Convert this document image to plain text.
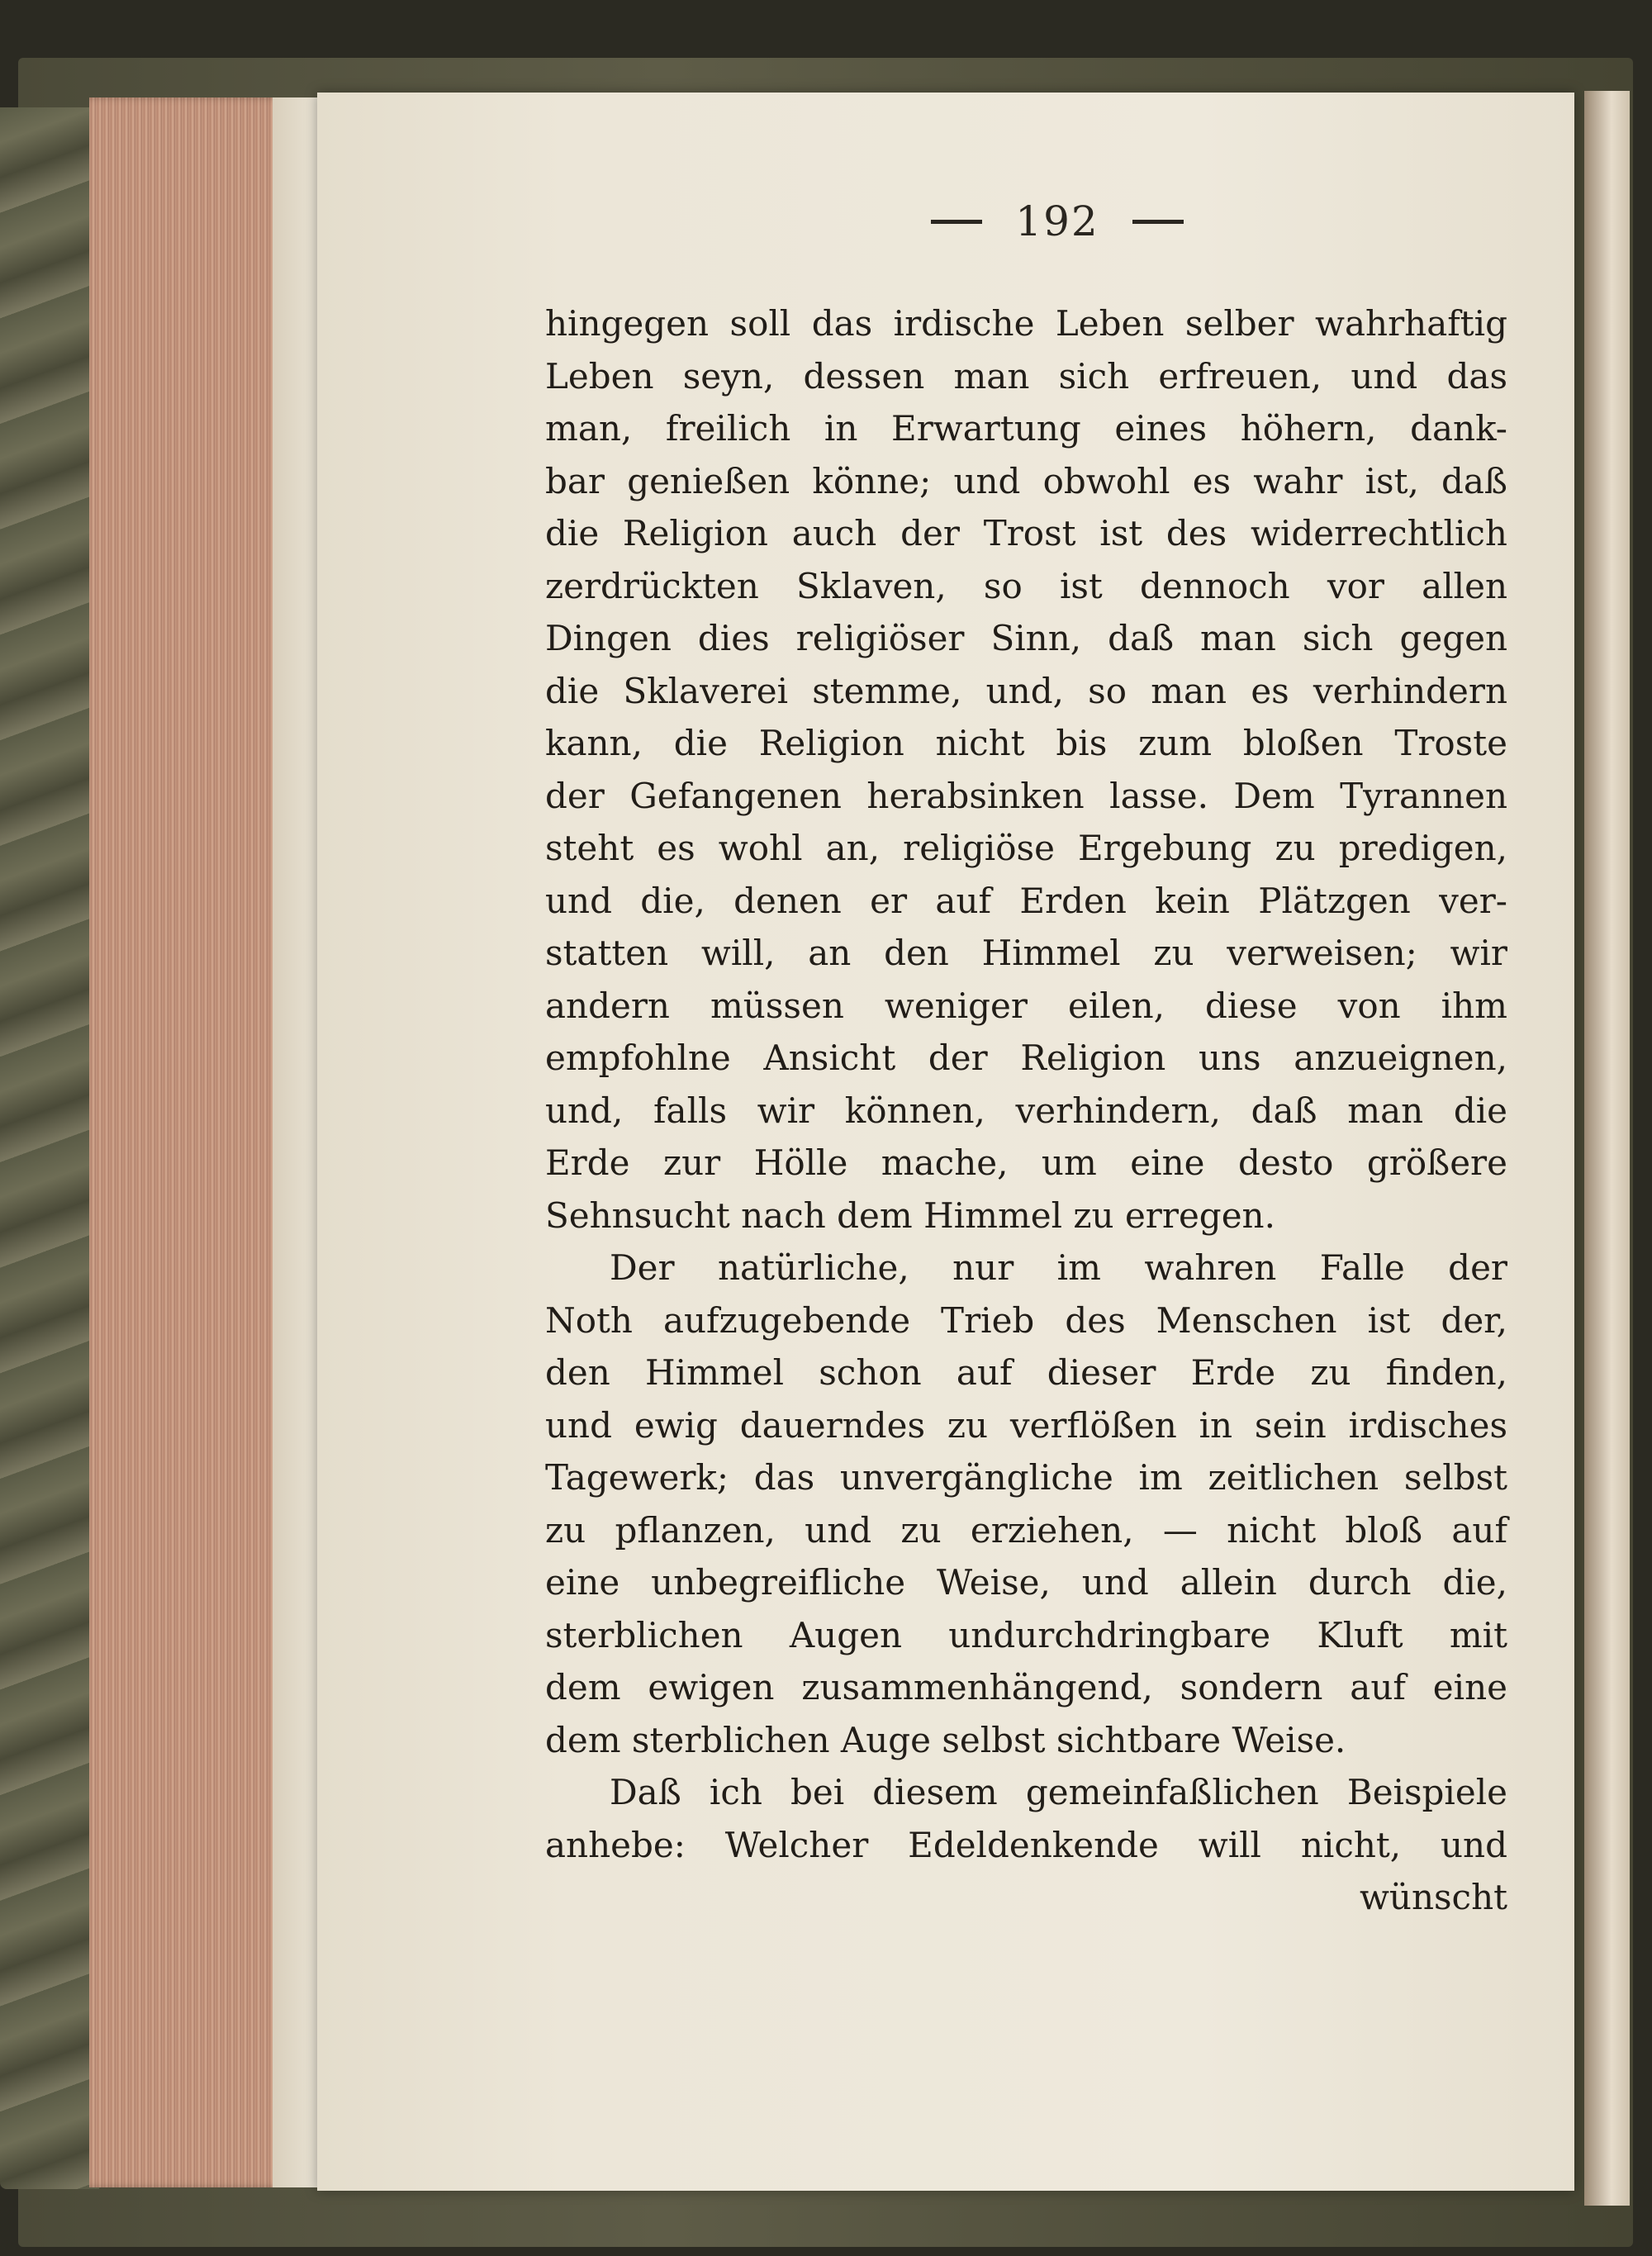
192
hingegen soll das irdische Leben selber wahrhaftig
Leben seyn, dessen man sich erfreuen, und das
man, freilich in Erwartung eines höhern, dank-
bar genießen könne; und obwohl es wahr ist, daß
die Religion auch der Trost ist des widerrechtlich
zerdrückten Sklaven, so ist dennoch vor allen
Dingen dies religiöser Sinn, daß man sich gegen
die Sklaverei stemme, und, so man es verhindern
kann, die Religion nicht bis zum bloßen Troste
der Gefangenen herabsinken lasse. Dem Tyrannen
steht es wohl an, religiöse Ergebung zu predigen,
und die, denen er auf Erden kein Plätzgen ver-
statten will, an den Himmel zu verweisen; wir
andern müssen weniger eilen, diese von ihm
empfohlne Ansicht der Religion uns anzueignen,
und, falls wir können, verhindern, daß man die
Erde zur Hölle mache, um eine desto größere
Sehnsucht nach dem Himmel zu erregen.
Der natürliche, nur im wahren Falle der
Noth aufzugebende Trieb des Menschen ist der,
den Himmel schon auf dieser Erde zu finden,
und ewig dauerndes zu verflößen in sein irdisches
Tagewerk; das unvergängliche im zeitlichen selbst
zu pflanzen, und zu erziehen, — nicht bloß auf
eine unbegreifliche Weise, und allein durch die,
sterblichen Augen undurchdringbare Kluft mit
dem ewigen zusammenhängend, sondern auf eine
dem sterblichen Auge selbst sichtbare Weise.
Daß ich bei diesem gemeinfaßlichen Beispiele
anhebe: Welcher Edeldenkende will nicht, und
wünscht
